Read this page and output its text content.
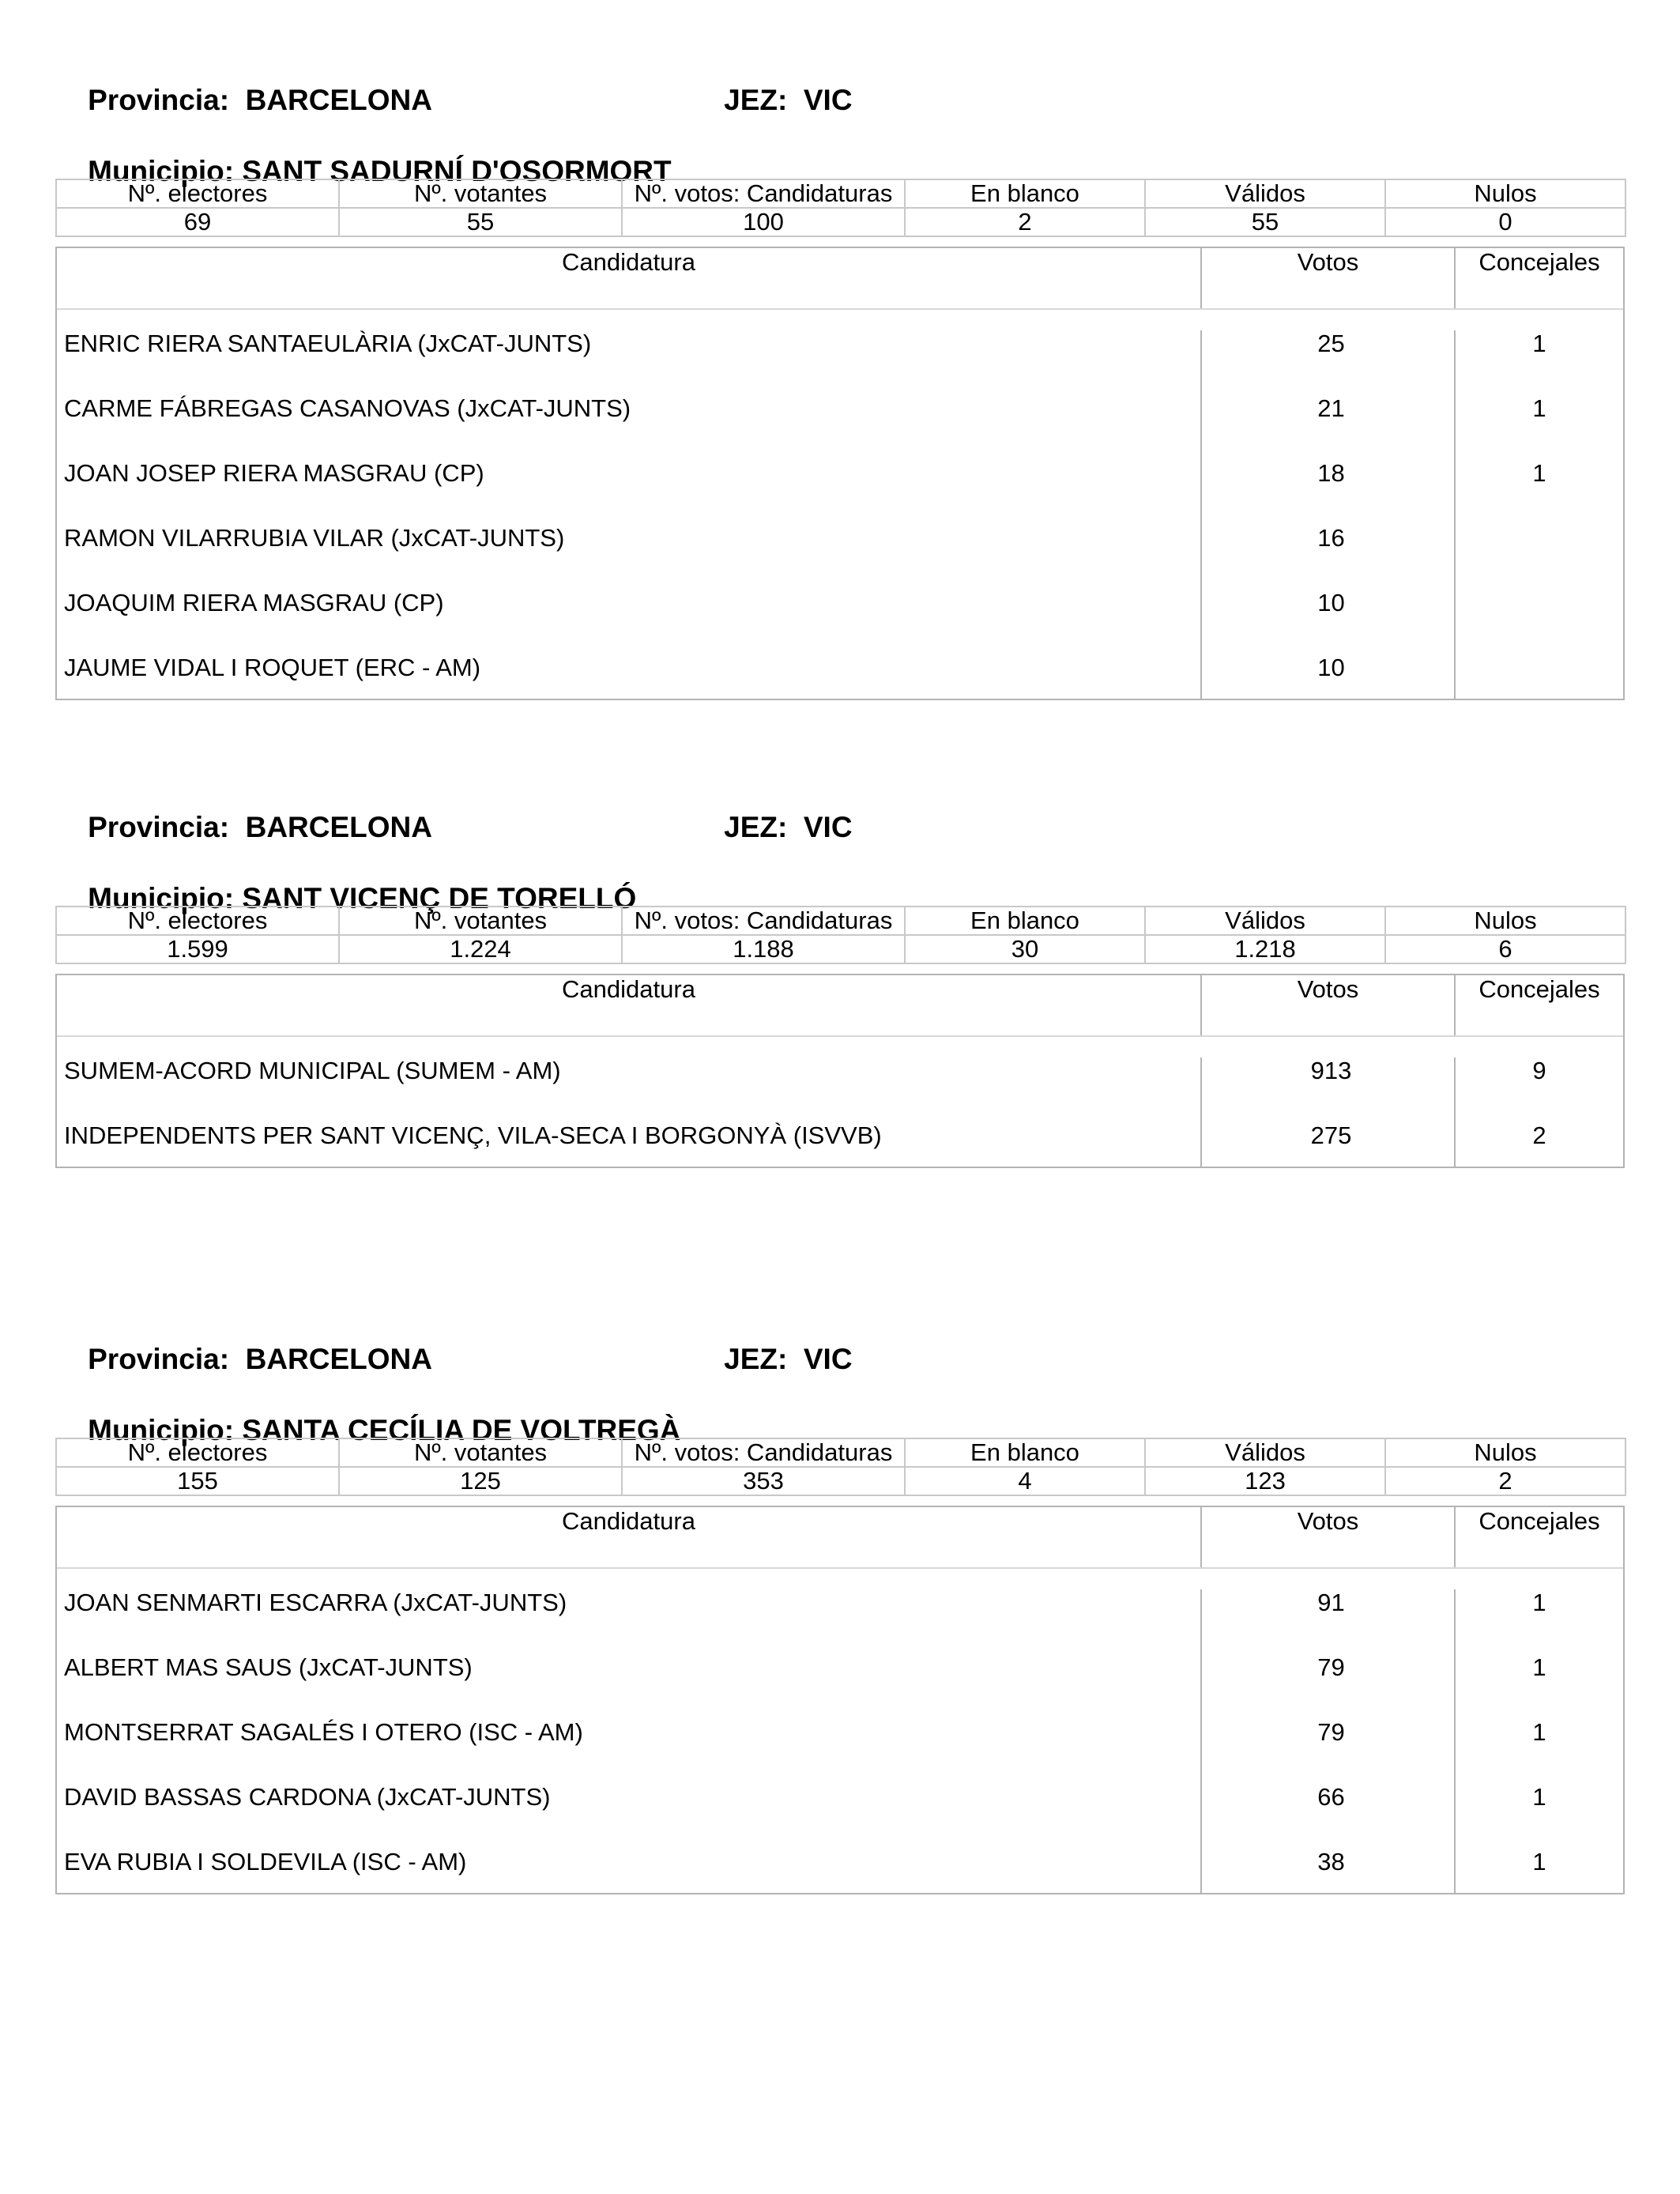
Provincia: BARCELONA
	JEZ: VIC

Municipio: SANT SADURNÍ D'OSORMORT

Nº. electores	Nº. votantes	Nº. votos: Candidaturas	En blanco	Válidos	Nulos
69	55	100	2	55	0
Candidatura	Votos	Concejales
ENRIC RIERA SANTAEULÀRIA (JxCAT-JUNTS)	25	1
CARME FÁBREGAS CASANOVAS (JxCAT-JUNTS)	21	1
JOAN JOSEP RIERA MASGRAU (CP)	18	1
RAMON VILARRUBIA VILAR (JxCAT-JUNTS)	16
JOAQUIM RIERA MASGRAU (CP)	10
JAUME VIDAL I ROQUET (ERC - AM)	10

Provincia: BARCELONA
	JEZ: VIC

Municipio: SANT VICENÇ DE TORELLÓ

Nº. electores	Nº. votantes	Nº. votos: Candidaturas	En blanco	Válidos	Nulos
1.599	1.224	1.188	30	1.218	6
Candidatura	Votos	Concejales
SUMEM-ACORD MUNICIPAL (SUMEM - AM)	913	9
INDEPENDENTS PER SANT VICENÇ, VILA-SECA I BORGONYÀ (ISVVB)	275	2

Provincia: BARCELONA
	JEZ: VIC

Municipio: SANTA CECÍLIA DE VOLTREGÀ

Nº. electores	Nº. votantes	Nº. votos: Candidaturas	En blanco	Válidos	Nulos
155	125	353	4	123	2
Candidatura	Votos	Concejales
JOAN SENMARTI ESCARRA (JxCAT-JUNTS)	91	1
ALBERT MAS SAUS (JxCAT-JUNTS)	79	1
MONTSERRAT SAGALÉS I OTERO (ISC - AM)	79	1
DAVID BASSAS CARDONA (JxCAT-JUNTS)	66	1
EVA RUBIA I SOLDEVILA (ISC - AM)	38	1
